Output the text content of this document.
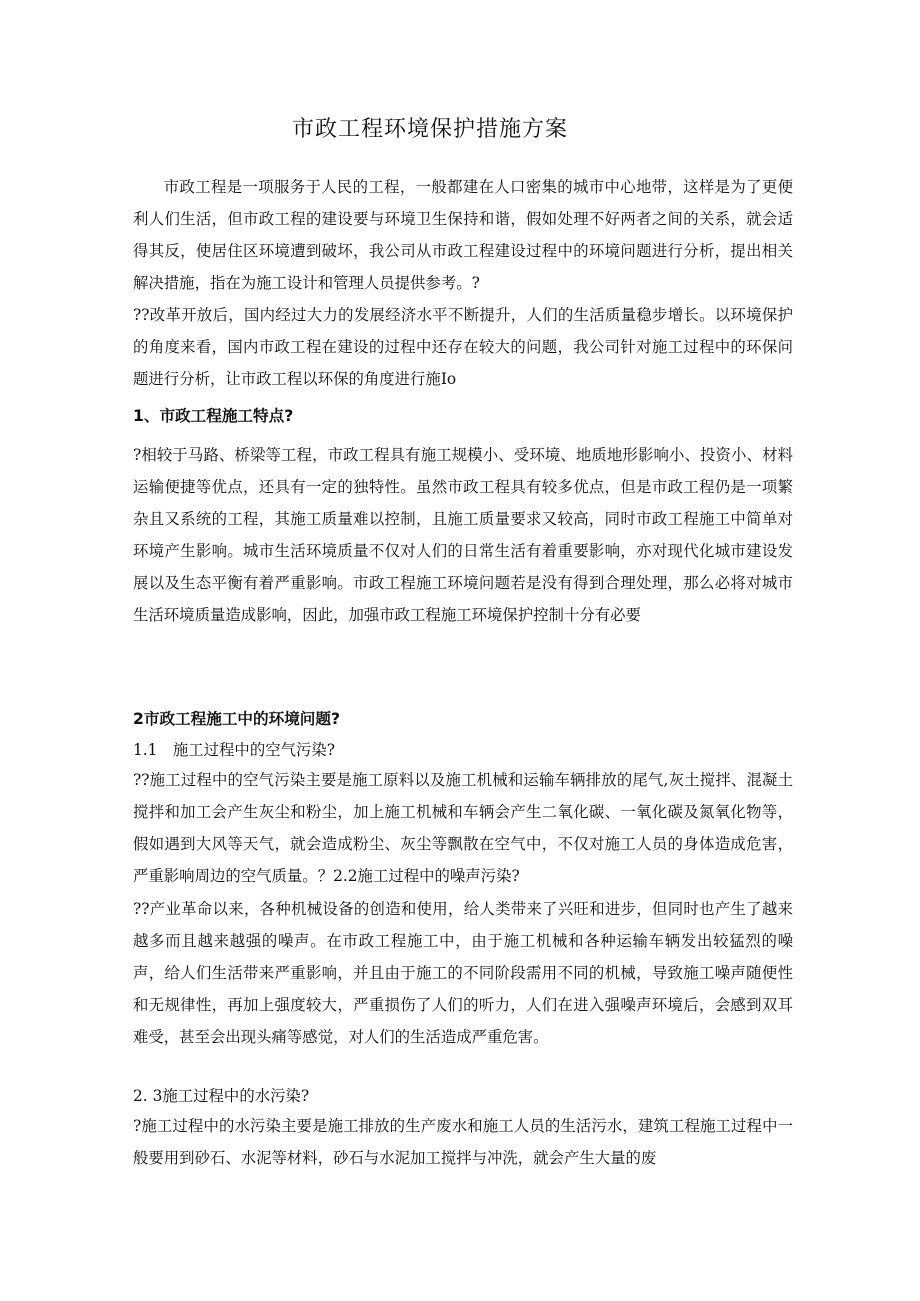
市政工程环境保护措施方案

市政工程是一项服务于人民的工程，一般都建在人口密集的城市中心地带，这样是为了更便利人们生活，但市政工程的建设要与环境卫生保持和谐，假如处理不好两者之间的关系，就会适得其反，使居住区环境遭到破坏，我公司从市政工程建设过程中的环境问题进行分析，提出相关解决措施，指在为施工设计和管理人员提供参考。?

??改革开放后，国内经过大力的发展经济水平不断提升，人们的生活质量稳步增长。以环境保护的角度来看，国内市政工程在建设的过程中还存在较大的问题，我公司针对施工过程中的环保问题进行分析，让市政工程以环保的角度进行施Io

1、市政工程施工特点?

?相较于马路、桥梁等工程，市政工程具有施工规模小、受环境、地质地形影响小、投资小、材料运输便捷等优点，还具有一定的独特性。虽然市政工程具有较多优点，但是市政工程仍是一项繁杂且又系统的工程，其施工质量难以控制，且施工质量要求又较高，同时市政工程施工中简单对环境产生影响。城市生活环境质量不仅对人们的日常生活有着重要影响，亦对现代化城市建设发展以及生态平衡有着严重影响。市政工程施工环境问题若是没有得到合理处理，那么必将对城市生活环境质量造成影响，因此，加强市政工程施工环境保护控制十分有必要

2市政工程施工中的环境问题?
1.1　施工过程中的空气污染?

??施工过程中的空气污染主要是施工原料以及施工机械和运输车辆排放的尾气,灰土搅拌、混凝土搅拌和加工会产生灰尘和粉尘，加上施工机械和车辆会产生二氧化碳、一氧化碳及氮氧化物等，假如遇到大风等天气，就会造成粉尘、灰尘等飘散在空气中，不仅对施工人员的身体造成危害，严重影响周边的空气质量。？2.2施工过程中的噪声污染?

??产业革命以来，各种机械设备的创造和使用，给人类带来了兴旺和进步，但同时也产生了越来越多而且越来越强的噪声。在市政工程施工中，由于施工机械和各种运输车辆发出较猛烈的噪声，给人们生活带来严重影响，并且由于施工的不同阶段需用不同的机械，导致施工噪声随便性和无规律性，再加上强度较大，严重损伤了人们的听力，人们在进入强噪声环境后，会感到双耳难受，甚至会出现头痛等感觉，对人们的生活造成严重危害。

2. 3施工过程中的水污染?

?施工过程中的水污染主要是施工排放的生产废水和施工人员的生活污水，建筑工程施工过程中一般要用到砂石、水泥等材料，砂石与水泥加工搅拌与冲洗，就会产生大量的废
